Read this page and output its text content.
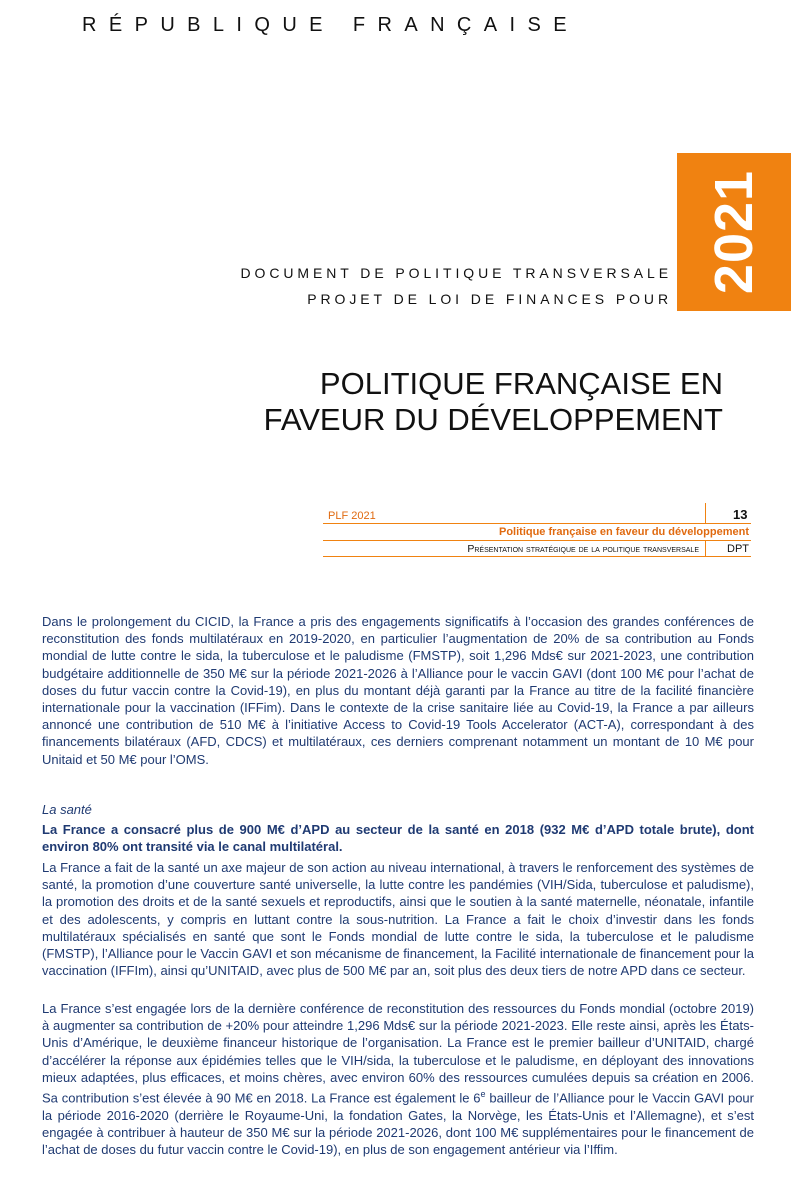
RÉPUBLIQUE FRANÇAISE
2021
DOCUMENT DE POLITIQUE TRANSVERSALE
PROJET DE LOI DE FINANCES POUR
POLITIQUE FRANÇAISE EN FAVEUR DU DÉVELOPPEMENT
PLF 2021	13
Politique française en faveur du développement
Présentation stratégique de la politique transversale	DPT
Dans le prolongement du CICID, la France a pris des engagements significatifs à l’occasion des grandes conférences de reconstitution des fonds multilatéraux en 2019-2020, en particulier l’augmentation de 20% de sa contribution au Fonds mondial de lutte contre le sida, la tuberculose et le paludisme (FMSTP), soit 1,296 Mds€ sur 2021-2023, une contribution budgétaire additionnelle de 350 M€ sur la période 2021-2026 à l’Alliance pour le vaccin GAVI (dont 100 M€ pour l’achat de doses du futur vaccin contre la Covid-19), en plus du montant déjà garanti par la France au titre de la facilité financière internationale pour la vaccination (IFFim). Dans le contexte de la crise sanitaire liée au Covid-19, la France a par ailleurs annoncé une contribution de 510 M€ à l’initiative Access to Covid-19 Tools Accelerator (ACT-A), correspondant à des financements bilatéraux (AFD, CDCS) et multilatéraux, ces derniers comprenant notamment un montant de 10 M€ pour Unitaid et 50 M€ pour l’OMS.
La santé
La France a consacré plus de 900 M€ d’APD au secteur de la santé en 2018 (932 M€ d’APD totale brute), dont environ 80% ont transité via le canal multilatéral.
La France a fait de la santé un axe majeur de son action au niveau international, à travers le renforcement des systèmes de santé, la promotion d’une couverture santé universelle, la lutte contre les pandémies (VIH/Sida, tuberculose et paludisme), la promotion des droits et de la santé sexuels et reproductifs, ainsi que le soutien à la santé maternelle, néonatale, infantile et des adolescents, y compris en luttant contre la sous-nutrition. La France a fait le choix d’investir dans les fonds multilatéraux spécialisés en santé que sont le Fonds mondial de lutte contre le sida, la tuberculose et le paludisme (FMSTP), l’Alliance pour le Vaccin GAVI et son mécanisme de financement, la Facilité internationale de financement pour la vaccination (IFFIm), ainsi qu’UNITAID, avec plus de 500 M€ par an, soit plus des deux tiers de notre APD dans ce secteur.
La France s’est engagée lors de la dernière conférence de reconstitution des ressources du Fonds mondial (octobre 2019) à augmenter sa contribution de +20% pour atteindre 1,296 Mds€ sur la période 2021-2023. Elle reste ainsi, après les États-Unis d’Amérique, le deuxième financeur historique de l’organisation. La France est le premier bailleur d’UNITAID, chargé d’accélérer la réponse aux épidémies telles que le VIH/sida, la tuberculose et le paludisme, en déployant des innovations mieux adaptées, plus efficaces, et moins chères, avec environ 60% des ressources cumulées depuis sa création en 2006. Sa contribution s’est élevée à 90 M€ en 2018. La France est également le 6e bailleur de l’Alliance pour le Vaccin GAVI pour la période 2016-2020 (derrière le Royaume-Uni, la fondation Gates, la Norvège, les États-Unis et l’Allemagne), et s’est engagée à contribuer à hauteur de 350 M€ sur la période 2021-2026, dont 100 M€ supplémentaires pour le financement de l’achat de doses du futur vaccin contre le Covid-19), en plus de son engagement antérieur via l’Iffim.
